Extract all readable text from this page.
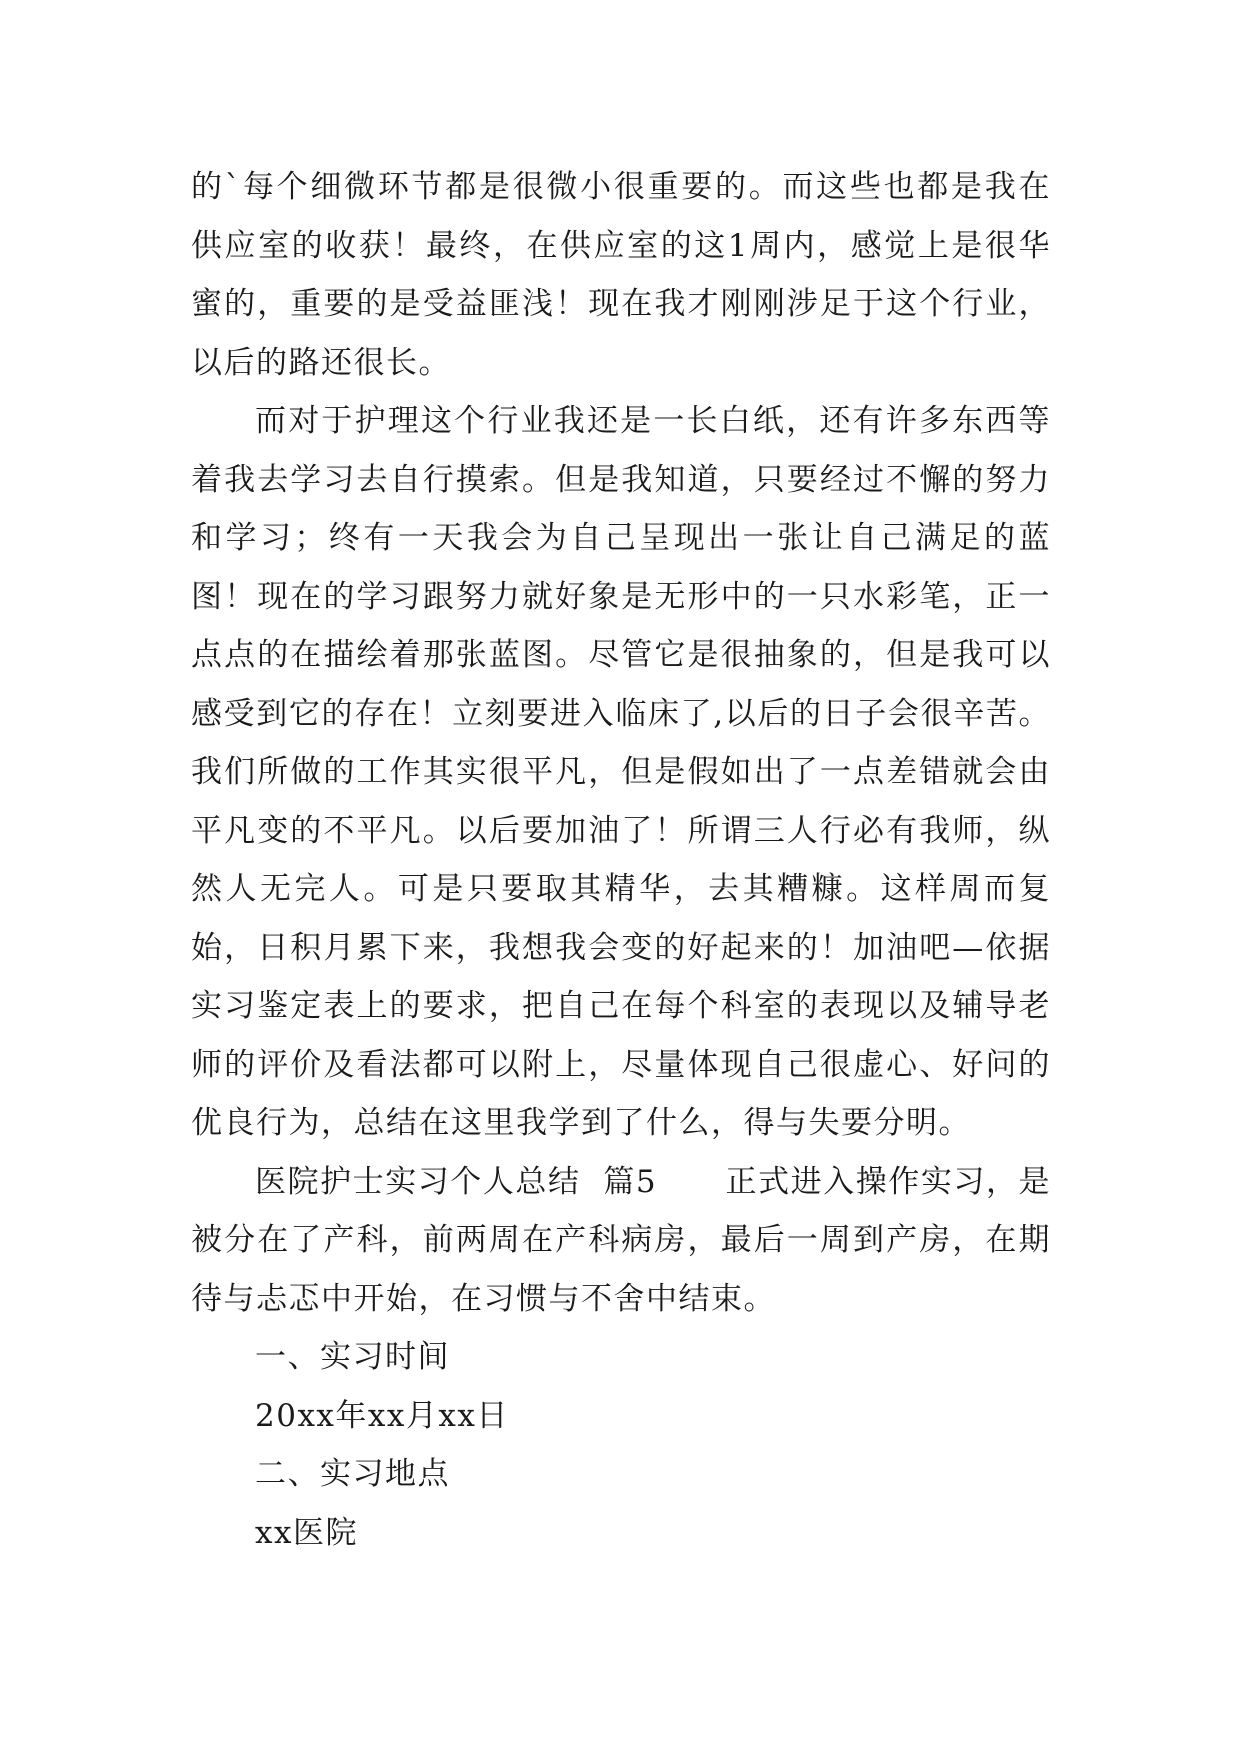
的`每个细微环节都是很微小很重要的。而这些也都是我在供应室的收获！最终，在供应室的这1周内，感觉上是很华蜜的，重要的是受益匪浅！现在我才刚刚涉足于这个行业，以后的路还很长。

而对于护理这个行业我还是一长白纸，还有许多东西等着我去学习去自行摸索。但是我知道，只要经过不懈的努力和学习；终有一天我会为自己呈现出一张让自己满足的蓝图！现在的学习跟努力就好象是无形中的一只水彩笔，正一点点的在描绘着那张蓝图。尽管它是很抽象的，但是我可以感受到它的存在！立刻要进入临床了,以后的日子会很辛苦。我们所做的工作其实很平凡，但是假如出了一点差错就会由平凡变的不平凡。以后要加油了！所谓三人行必有我师，纵然人无完人。可是只要取其精华，去其糟糠。这样周而复始，日积月累下来，我想我会变的好起来的！加油吧—依据实习鉴定表上的要求，把自己在每个科室的表现以及辅导老师的评价及看法都可以附上，尽量体现自己很虚心、好问的优良行为，总结在这里我学到了什么，得与失要分明。

医院护士实习个人总结  篇5 正式进入操作实习，是被分在了产科，前两周在产科病房，最后一周到产房，在期待与忐忑中开始，在习惯与不舍中结束。

一、实习时间

20xx年xx月xx日

二、实习地点

xx医院
